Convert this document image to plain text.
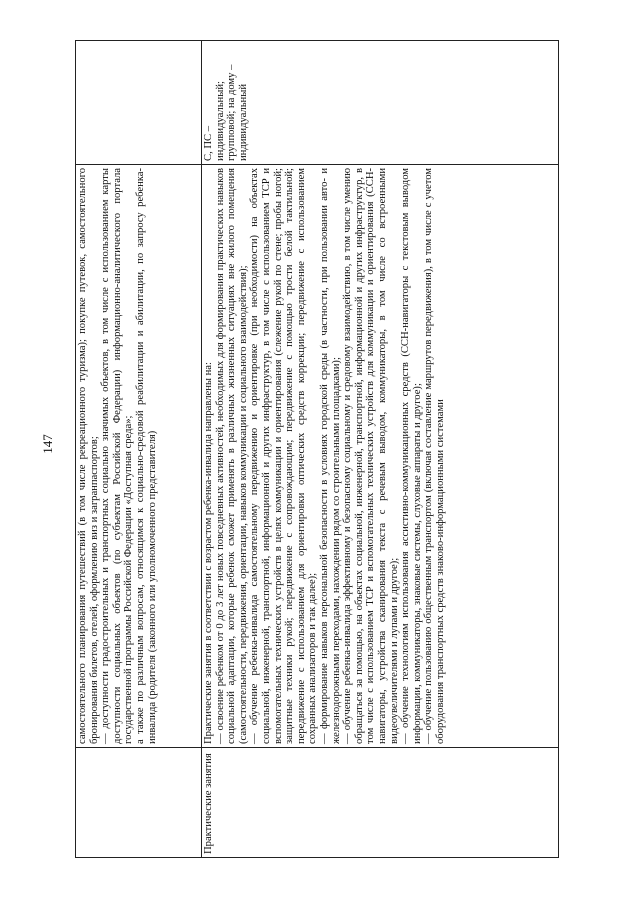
147 самостоятельного планирования путешествий (в том числе рекреационного туризма); покупке путевок, самостоятельного бронирования билетов, отелей, оформлению виз и загранпаспортов; — доступности градостроительных и транспортных социально значимых объектов, в том числе с использованием карты доступности социальных объектов (по субъектам Российской Федерации) информационно-аналитического портала государственной программы Российской Федерации «Доступная среда»; а также по различным вопросам, относящимся к социально-средовой реабилитации и абилитации, по запросу ребенка-инвалида (родителя (законного или уполномоченного представителя)

Практические занятия

Практические занятия в соответствии с возрастом ребенка-инвалида направлены на: — освоение ребенком от 0 до 3 лет новых повседневных активностей, необходимых для формирования практических навыков социальной адаптации, которые ребенок сможет применять в различных жизненных ситуациях вне жилого помещения (самостоятельности, передвижения, ориентации, навыков коммуникации и социального взаимодействия); — обучение ребенка-инвалида самостоятельному передвижению и ориентировке (при необходимости) на объектах социальной, инженерной, транспортной, информационной и других инфраструктур, в том числе с использованием ТСР и вспомогательных технических устройств в целях коммуникации и ориентирования (слежение рукой по стене; пробы ногой; защитные техники рукой; передвижение с сопровождающим; передвижение с помощью трости белой тактильной; передвижение с использованием для ориентировки оптических средств коррекции; передвижение с использованием сохранных анализаторов и так далее); — формирование навыков персональной безопасности в условиях городской среды (в частности, при пользовании авто- и железнодорожными переходами, нахождении рядом со строительными площадками); — обучение ребенка-инвалида эффективному и безопасному социальному и средовому взаимодействию, в том числе умению обращаться за помощью, на объектах социальной, инженерной, транспортной, информационной и других инфраструктур, в том числе с использованием ТСР и вспомогательных технических устройств для коммуникации и ориентирования (ССН-навигаторы, устройства сканирования текста с речевым выводом, коммуникаторы, в том числе со встроенными видеоувеличителями и лупами и другое); — обучение технологиям использования ассистивно-коммуникационных средств (ССН-навигаторы с текстовым выводом информации, коммуникаторы, знаковые системы, слуховые аппараты и другое); — обучение пользованию общественным транспортом (включая составление маршрутов передвижения), в том числе с учетом оборудования транспортных средств знаково-информационными системами

С, ПС – индивидуальный; групповой; на дому – индивидуальный
